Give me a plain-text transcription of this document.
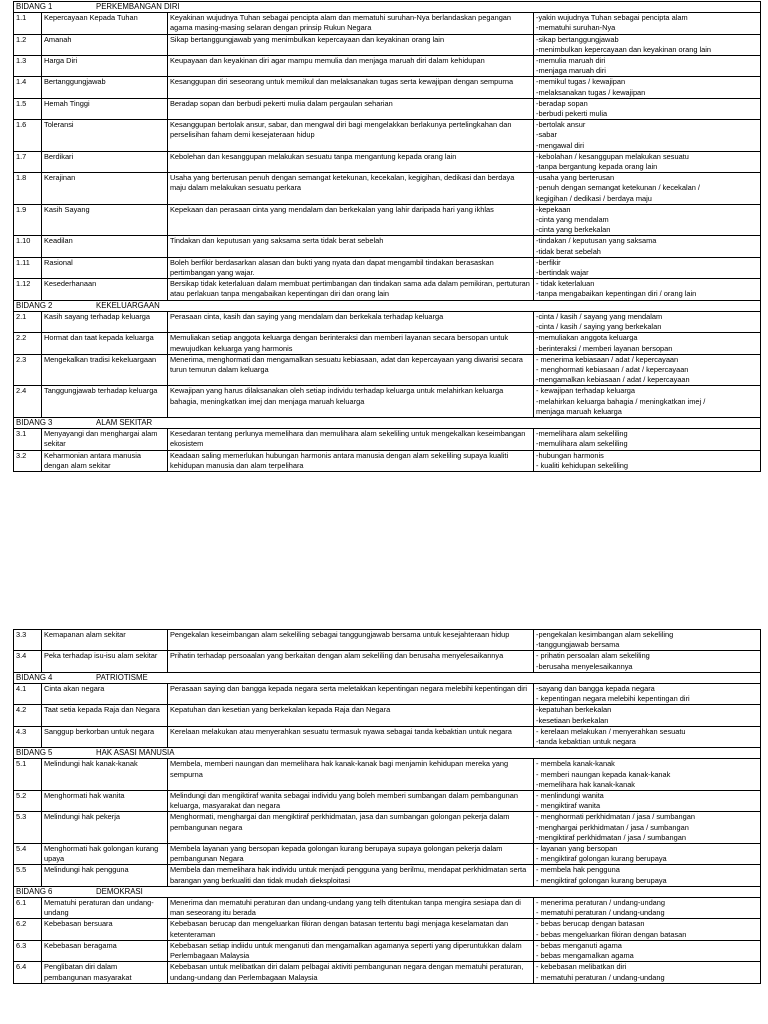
BIDANG 1 PERKEMBANGAN DIRI			
1.1	Kepercayaan Kepada Tuhan	Keyakinan wujudnya Tuhan sebagai pencipta alam dan mematuhi suruhan-Nya berlandaskan pegangan agama masing-masing selaran dengan prinsip Rukun Negara	-yakin wujudnya Tuhan sebagai pencipta alam
-mematuhi suruhan-Nya

1.2	Amanah	Sikap bertanggungjawab yang menimbulkan kepercayaan dan keyakinan orang lain	-sikap bertanggungjawab
-menimbulkan kepercayaan dan keyakinan orang lain

1.3	Harga Diri	Keupayaan dan keyakinan diri agar mampu memulia dan menjaga maruah diri dalam kehidupan	-memulia maruah diri
-menjaga maruah diri

1.4	Bertanggungjawab	Kesanggupan diri seseorang untuk memikul dan melaksanakan tugas serta kewajipan dengan sempurna	-memikul tugas / kewajipan
-melaksanakan tugas / kewajipan

1.5	Hemah Tinggi	Beradap sopan dan berbudi pekerti mulia dalam pergaulan seharian	-beradap sopan
-berbudi pekerti mulia

1.6	Toleransi	Kesanggupan bertolak ansur, sabar, dan mengwal diri bagi mengelakkan berlakunya pertelingkahan dan perselisihan faham demi kesejateraan hidup	-bertolak ansur
-sabar
-mengawal diri

1.7	Berdikari	Kebolehan dan kesanggupan melakukan sesuatu tanpa mengantung kepada orang lain	-kebolahan / kesanggupan melakukan sesuatu
-tanpa bergantung kepada orang lain

1.8	Kerajinan	Usaha yang berterusan penuh dengan semangat ketekunan, kecekalan, kegigihan, dedikasi dan berdaya maju dalam melakukan sesuatu perkara	-usaha yang berterusan
-penuh dengan semangat ketekunan / kecekalan /
kegigihan / dedikasi / berdaya maju

1.9	Kasih Sayang	Kepekaan dan perasaan cinta yang mendalam dan berkekalan yang lahir daripada hari yang ikhlas	-kepekaan
-cinta yang mendalam
-cinta yang berkekalan

1.10	Keadilan	Tindakan dan keputusan yang saksama serta tidak berat sebelah	-tindakan / keputusan yang saksama
-tidak berat sebelah

1.11	Rasional	Boleh berfikir berdasarkan alasan dan bukti yang nyata dan dapat mengambil tindakan berasaskan pertimbangan yang wajar.	-berfikir
-bertindak wajar

1.12	Kesederhanaan	Bersikap tidak keterlaluan dalam membuat pertimbangan dan tindakan sama ada dalam pemikiran, pertuturan atau perlakuan tanpa mengabaikan kepentingan diri dan orang lain	- tidak keterlaluan
-tanpa mengabaikan kepentingan diri / orang lain

BIDANG 2 KEKELUARGAAN			
2.1	Kasih sayang terhadap keluarga	Perasaan cinta, kasih dan saying yang mendalam dan berkekala terhadap keluarga	-cinta / kasih / sayang yang mendalam
-cinta / kasih / saying yang berkekalan

2.2	Hormat dan taat kepada keluarga	Memuliakan setiap anggota keluarga dengan berinteraksi dan memberi layanan secara bersopan untuk mewujudkan keluarga yang harmonis	-memuliakan anggota keluarga
-berinteraksi / memberi layanan bersopan

2.3	Mengekalkan tradisi kekeluargaan	Menerima, menghormati dan mengamalkan sesuatu kebiasaan, adat dan kepercayaan yang diwarisi secara turun temurun dalam keluarga	- menerima kebiasaan / adat / kepercayaan
- menghormati kebiasaan / adat / kepercayaan
-mengamalkan kebiasaan / adat / kepercayaan

2.4	Tanggungjawab terhadap keluarga	Kewajipan yang harus dilaksanakan oleh setiap individu terhadap keluarga untuk melahirkan keluarga bahagia, meningkatkan imej dan menjaga maruah keluarga	- kewajipan terhadap keluarga
-melahirkan keluarga bahagia / meningkatkan imej /
menjaga maruah keluarga

BIDANG 3 ALAM SEKITAR			
3.1	Menyayangi dan menghargai alam sekitar	Kesedaran tentang perlunya memelihara dan memulihara alam sekeliling untuk mengekalkan keseimbangan ekosistem	-memelihara alam sekeliling
-memulihara alam sekeliling

3.2	Keharmonian antara manusia dengan alam sekitar	Keadaan saling memerlukan hubungan harmonis antara manusia dengan alam sekeliling supaya kualiti kehidupan manusia dan alam terpelihara	-hubungan harmonis
- kualiti kehidupan sekeliling
3.3	Kemapanan alam sekitar	Pengekalan keseimbangan alam sekeliling sebagai tanggungjawab bersama untuk kesejahteraan hidup	-pengekalan kesimbangan alam sekeliling
-tanggungjawab bersama

3.4	Peka terhadap isu-isu alam sekitar	Prihatin terhadap persoaalan yang berkaitan dengan alam sekeliling dan berusaha menyelesaikannya	- prihatin persoalan alam sekeliling
-berusaha menyelesaikannya

BIDANG 4 PATRIOTISME			
4.1	Cinta akan negara	Perasaan saying dan bangga kepada negara serta meletakkan kepentingan negara melebihi kepentingan diri	-sayang dan bangga kepada negara
- kepentingan negara melebihi kepentingan diri

4.2	Taat setia kepada Raja dan Negara	Kepatuhan dan kesetian yang berkekalan kepada Raja dan Negara	-kepatuhan berkekalan
-kesetiaan berkekalan

4.3	Sanggup berkorban untuk negara	Kerelaan melakukan atau menyerahkan sesuatu termasuk nyawa sebagai tanda kebaktian untuk negara	- kerelaan melakukan / menyerahkan sesuatu
-tanda kebaktian untuk negara

BIDANG 5 HAK ASASI MANUSIA			
5.1	Melindungi hak kanak-kanak	Membela, memberi naungan dan memelihara hak kanak-kanak bagi menjamin kehidupan mereka yang sempurna	- membela kanak-kanak
- memberi naungan kepada kanak-kanak
-memelihara hak kanak-kanak

5.2	Menghormati hak wanita	Melindungi dan mengiktiraf wanita sebagai individu yang boleh memberi sumbangan dalam pembangunan keluarga, masyarakat dan negara	- menlindungi wanita
- mengiktiraf wanita

5.3	Melindungi hak pekerja	Menghormati, menghargai dan mengiktiraf perkhidmatan, jasa dan sumbangan golongan pekerja dalam pembangunan negara	- menghormati perkhidmatan / jasa / sumbangan
-menghargai perkhidmatan / jasa / sumbangan
-mengiktiraf perkhidmatan / jasa / sumbangan

5.4	Menghormati hak golongan kurang upaya	Membela layanan yang bersopan kepada golongan kurang berupaya supaya golongan pekerja dalam pembangunan Negara	- layanan yang bersopan
- mengiktiraf golongan kurang berupaya

5.5	Melindungi hak pengguna	Membela dan memelihara hak individu untuk menjadi pengguna yang berilmu, mendapat perkhidmatan serta barangan yang berkualiti dan tidak mudah dieksploitasi	- membela hak pengguna
- mengiktiraf golongan kurang berupaya

BIDANG 6 DEMOKRASI			
6.1	Mematuhi peraturan dan undang-undang	Menerima dan mematuhi peraturan dan undang-undang yang telh ditentukan tanpa mengira sesiapa dan di man seseorang itu berada	- menerima peraturan / undang-undang
- mematuhi peraturan / undang-undang

6.2	Kebebasan bersuara	Kebebasan berucap dan mengeluarkan fikiran dengan batasan tertentu bagi menjaga keselamatan dan ketenteraman	- bebas berucap dengan batasan
- bebas mengeluarkan fikiran dengan batasan

6.3	Kebebasan beragama	Kebebasan setiap indiidu untuk menganuti dan mengamalkan agamanya seperti yang diperuntukkan dalam Perlembagaan Malaysia	- bebas menganuti agama
- bebas mengamalkan agama

6.4	Penglibatan diri dalam pembangunan masyarakat	Kebebasan untuk melibatkan diri dalam pelbagai aktiviti pembangunan negara dengan mematuhi peraturan, undang-undang dan Perlembagaan Malaysia	- kebebasan melibatkan diri
- mematuhi peraturan / undang-undang
